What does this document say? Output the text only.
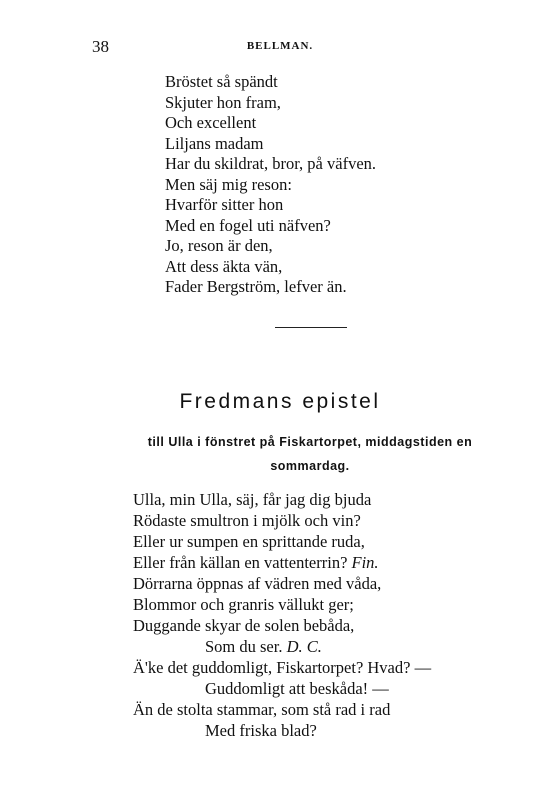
38	BELLMAN.
Bröstet så spändt
Skjuter hon fram,
Och excellent
Liljans madam
Har du skildrat, bror, på väfven.
Men säj mig reson:
Hvarför sitter hon
Med en fogel uti näfven?
Jo, reson är den,
Att dess äkta vän,
Fader Bergström, lefver än.
Fredmans epistel
till Ulla i fönstret på Fiskartorpet, middagstiden en
sommardag.
Ulla, min Ulla, säj, får jag dig bjuda
Rödaste smultron i mjölk och vin?
Eller ur sumpen en sprittande ruda,
Eller från källan en vattenterrin? Fin.
Dörrarna öppnas af vädren med våda,
Blommor och granris vällukt ger;
Duggande skyar de solen bebåda,
Som du ser. D. C.
Ä'ke det guddomligt, Fiskartorpet? Hvad? —
Guddomligt att beskåda! —
Än de stolta stammar, som stå rad i rad
Med friska blad?
